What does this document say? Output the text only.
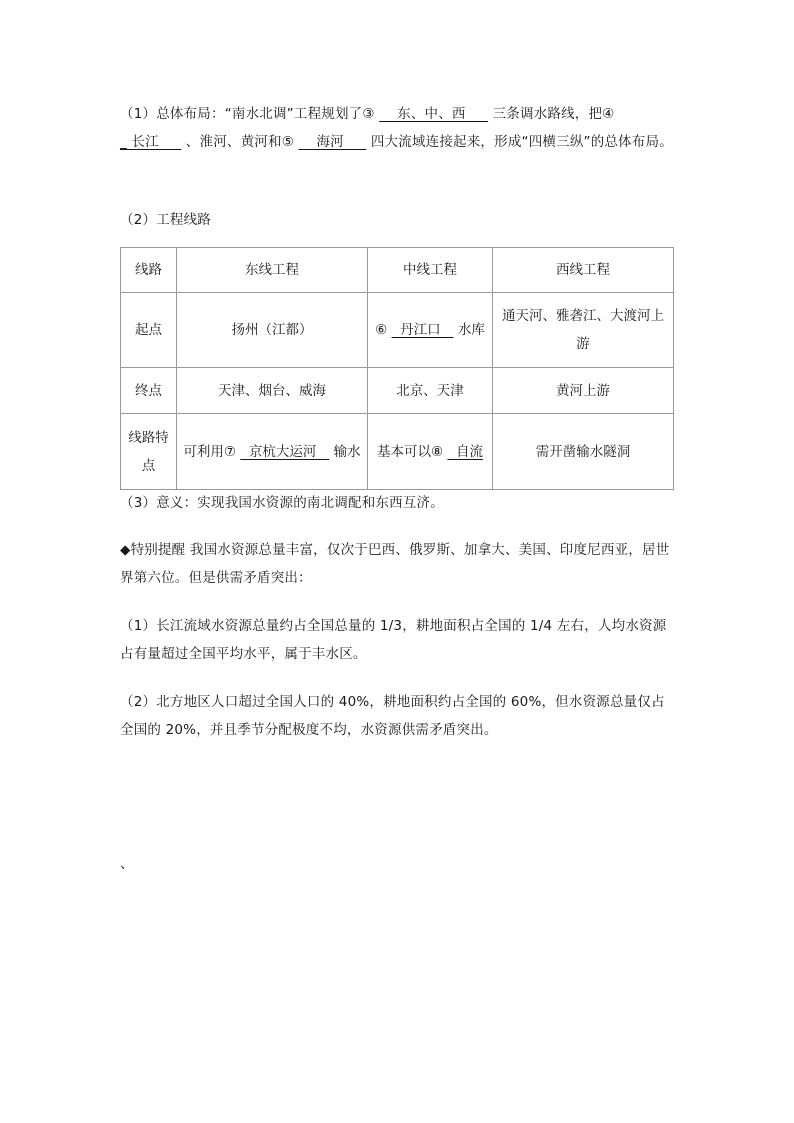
（1）总体布局：“南水北调”工程规划了③     东、中、西      三条调水路线，把④ _ 长江      、淮河、黄河和⑤     海河      四大流域连接起来，形成“四横三纵”的总体布局。

（2）工程线路

线路	东线工程	中线工程	西线工程
起点	扬州（江都）	⑥   丹江口    水库	通天河、雅砻江、大渡河上游
终点	天津、烟台、威海	北京、天津	黄河上游
线路特点	可利用⑦   京杭大运河    输水	基本可以⑧   自流	需开凿输水隧洞

（3）意义：实现我国水资源的南北调配和东西互济。

◆特别提醒 我国水资源总量丰富，仅次于巴西、俄罗斯、加拿大、美国、印度尼西亚，居世界第六位。但是供需矛盾突出：

（1）长江流域水资源总量约占全国总量的 1/3，耕地面积占全国的 1/4 左右，人均水资源占有量超过全国平均水平，属于丰水区。

（2）北方地区人口超过全国人口的 40%，耕地面积约占全国的 60%，但水资源总量仅占全国的 20%，并且季节分配极度不均，水资源供需矛盾突出。

、
